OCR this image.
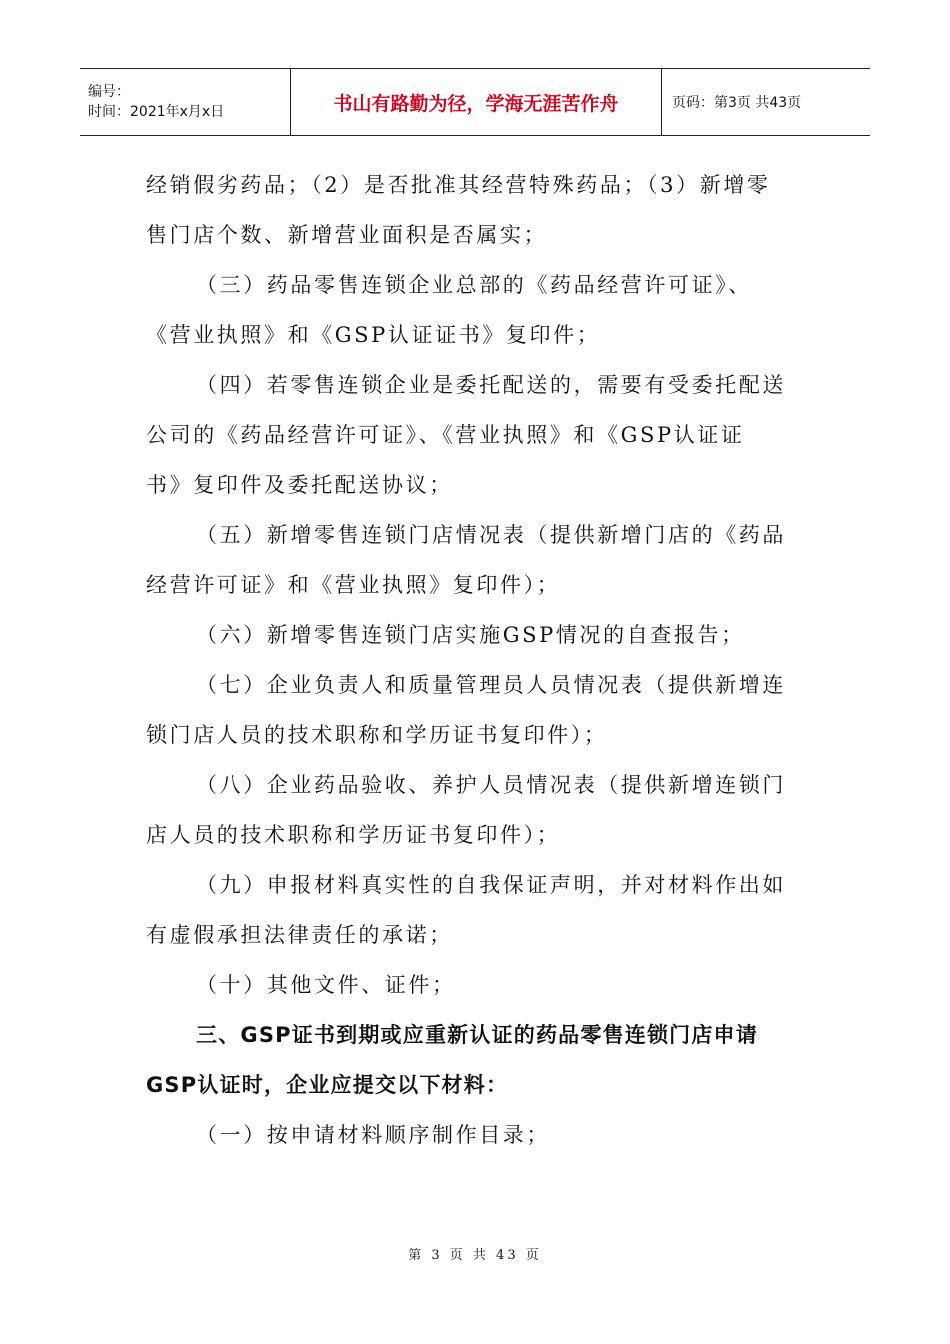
编号：
时间：2021年x月x日	书山有路勤为径，学海无涯苦作舟	页码：第3页 共43页

经销假劣药品；（2）是否批准其经营特殊药品；（3）新增零

售门店个数、新增营业面积是否属实；

（三）药品零售连锁企业总部的《药品经营许可证》、

《营业执照》和《GSP认证证书》复印件；

（四）若零售连锁企业是委托配送的，需要有受委托配送

公司的《药品经营许可证》、《营业执照》和《GSP认证证

书》复印件及委托配送协议；

（五）新增零售连锁门店情况表（提供新增门店的《药品

经营许可证》和《营业执照》复印件）；

（六）新增零售连锁门店实施GSP情况的自查报告；

（七）企业负责人和质量管理员人员情况表（提供新增连

锁门店人员的技术职称和学历证书复印件）；

（八）企业药品验收、养护人员情况表（提供新增连锁门

店人员的技术职称和学历证书复印件）；

（九）申报材料真实性的自我保证声明，并对材料作出如

有虚假承担法律责任的承诺；

（十）其他文件、证件；

三、GSP证书到期或应重新认证的药品零售连锁门店申请

GSP认证时，企业应提交以下材料：

（一）按申请材料顺序制作目录；

第 3 页 共 43 页
